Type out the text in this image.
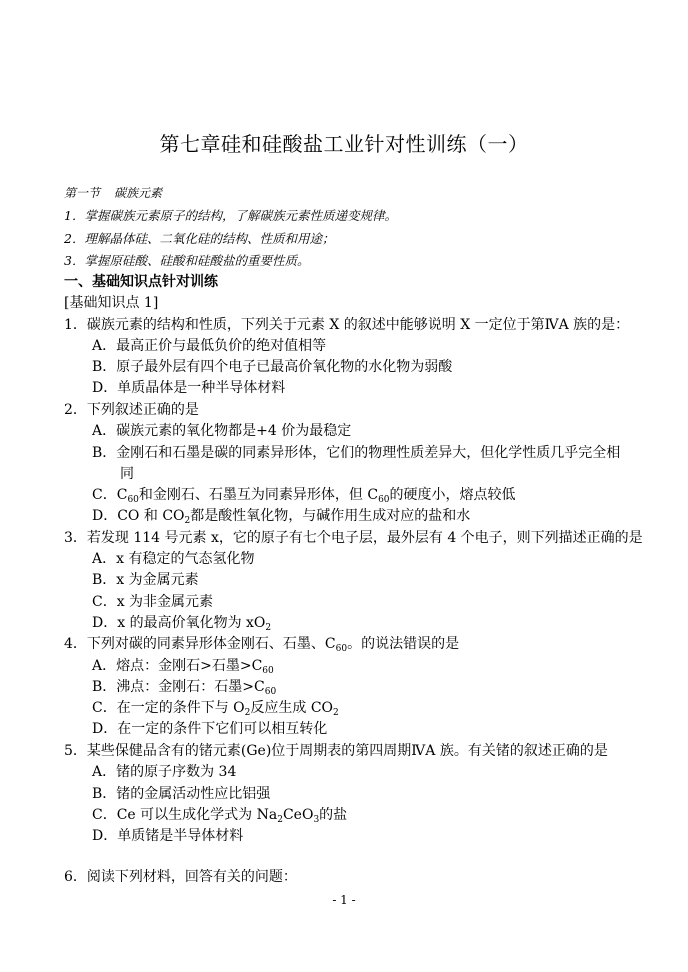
第七章硅和硅酸盐工业针对性训练（一）
第一节 碳族元素
1．掌握碳族元素原子的结构，了解碳族元素性质递变规律。
2．理解晶体硅、二氧化硅的结构、性质和用途；
3．掌握原硅酸、硅酸和硅酸盐的重要性质。
一、基础知识点针对训练
[基础知识点 1]
1．碳族元素的结构和性质，下列关于元素 X 的叙述中能够说明 X 一定位于第ⅣA 族的是：
A．最高正价与最低负价的绝对值相等
B．原子最外层有四个电子已最高价氧化物的水化物为弱酸
D．单质晶体是一种半导体材料
2．下列叙述正确的是
A．碳族元素的氧化物都是+4 价为最稳定
B．金刚石和石墨是碳的同素异形体，它们的物理性质差异大，但化学性质几乎完全相
同
C．$C_{60}$和金刚石、石墨互为同素异形体，但 $C_{60}$的硬度小，熔点较低
D．CO 和 $CO_2$都是酸性氧化物，与碱作用生成对应的盐和水
3．若发现 114 号元素 x，它的原子有七个电子层，最外层有 4 个电子，则下列描述正确的是
A．x 有稳定的气态氢化物
B．x 为金属元素
C．x 为非金属元素
D．x 的最高价氧化物为 $xO_2$
4．下列对碳的同素异形体金刚石、石墨、$C_{60}$。的说法错误的是
A．熔点：金刚石>石墨$>C_{60}$
B．沸点：金刚石：石墨$>C_{60}$
C．在一定的条件下与 $O_2$反应生成 $CO_2$
D．在一定的条件下它们可以相互转化
5．某些保健品含有的锗元素(Ge)位于周期表的第四周期ⅣA 族。有关锗的叙述正确的是
A．锗的原子序数为 34
B．锗的金属活动性应比铝强
C．Ce 可以生成化学式为 $Na_2CeO_3$的盐
D．单质锗是半导体材料
6．阅读下列材料，回答有关的问题：
- 1 -
